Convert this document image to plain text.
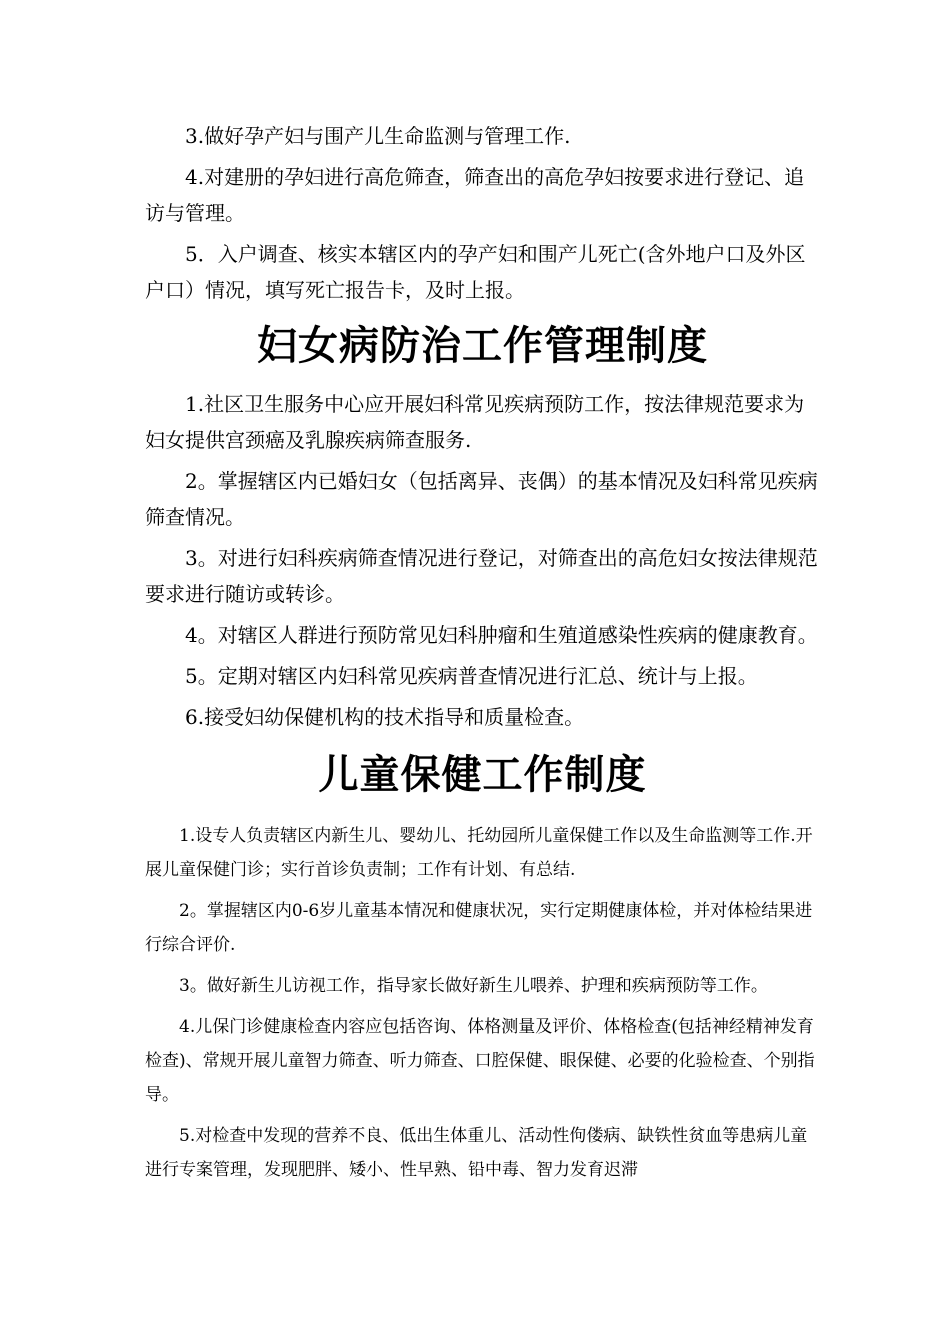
3.做好孕产妇与围产儿生命监测与管理工作.

4.对建册的孕妇进行高危筛查，筛查出的高危孕妇按要求进行登记、追访与管理。

5．入户调查、核实本辖区内的孕产妇和围产儿死亡(含外地户口及外区户口）情况，填写死亡报告卡，及时上报。

妇女病防治工作管理制度

1.社区卫生服务中心应开展妇科常见疾病预防工作，按法律规范要求为妇女提供宫颈癌及乳腺疾病筛查服务.

2。掌握辖区内已婚妇女（包括离异、丧偶）的基本情况及妇科常见疾病筛查情况。

3。对进行妇科疾病筛查情况进行登记，对筛查出的高危妇女按法律规范要求进行随访或转诊。

4。对辖区人群进行预防常见妇科肿瘤和生殖道感染性疾病的健康教育。

5。定期对辖区内妇科常见疾病普查情况进行汇总、统计与上报。

6.接受妇幼保健机构的技术指导和质量检查。

儿童保健工作制度

1.设专人负责辖区内新生儿、婴幼儿、托幼园所儿童保健工作以及生命监测等工作.开展儿童保健门诊；实行首诊负责制；工作有计划、有总结.

2。掌握辖区内0-6岁儿童基本情况和健康状况，实行定期健康体检，并对体检结果进行综合评价.

3。做好新生儿访视工作，指导家长做好新生儿喂养、护理和疾病预防等工作。

4.儿保门诊健康检查内容应包括咨询、体格测量及评价、体格检查(包括神经精神发育检查)、常规开展儿童智力筛查、听力筛查、口腔保健、眼保健、必要的化验检查、个别指导。

5.对检查中发现的营养不良、低出生体重儿、活动性佝偻病、缺铁性贫血等患病儿童进行专案管理，发现肥胖、矮小、性早熟、铅中毒、智力发育迟滞
